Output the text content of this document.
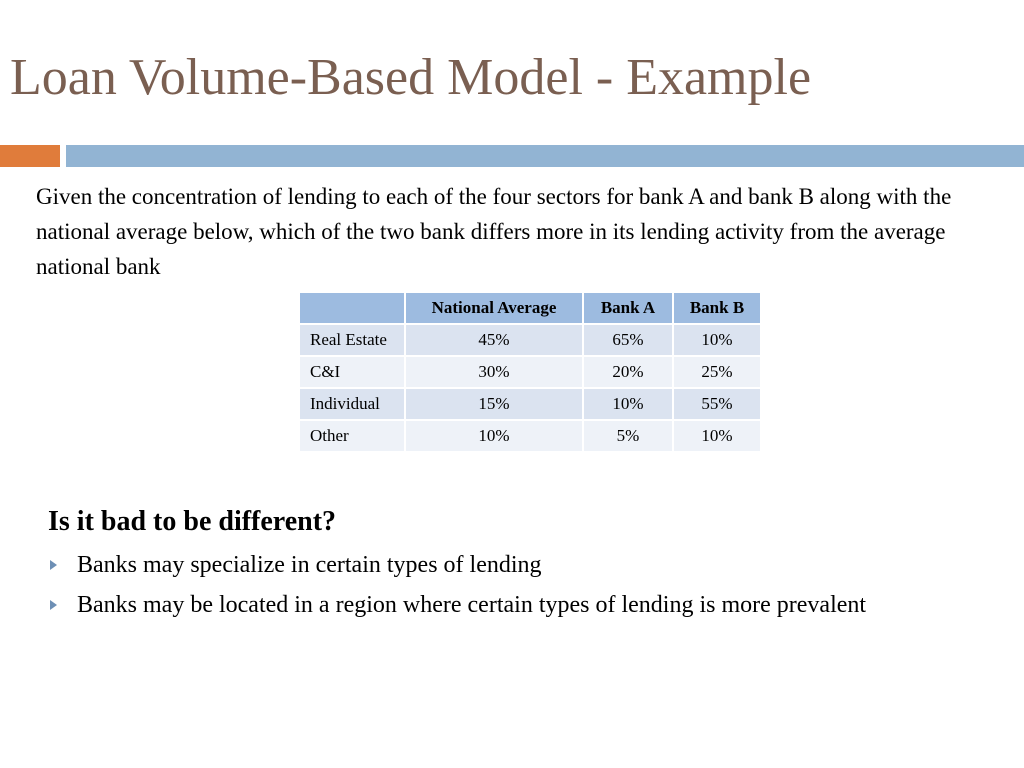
Loan Volume-Based Model - Example
Given the concentration of lending to each of the four sectors for bank A and bank B along with the national average below, which of the two bank differs more in its lending activity from the average national bank
	National Average	Bank A	Bank B
Real Estate	45%	65%	10%
C&I	30%	20%	25%
Individual	15%	10%	55%
Other	10%	5%	10%
Is it bad to be different?
Banks may specialize in certain types of lending
Banks may be located in a region where certain types of lending is more prevalent
